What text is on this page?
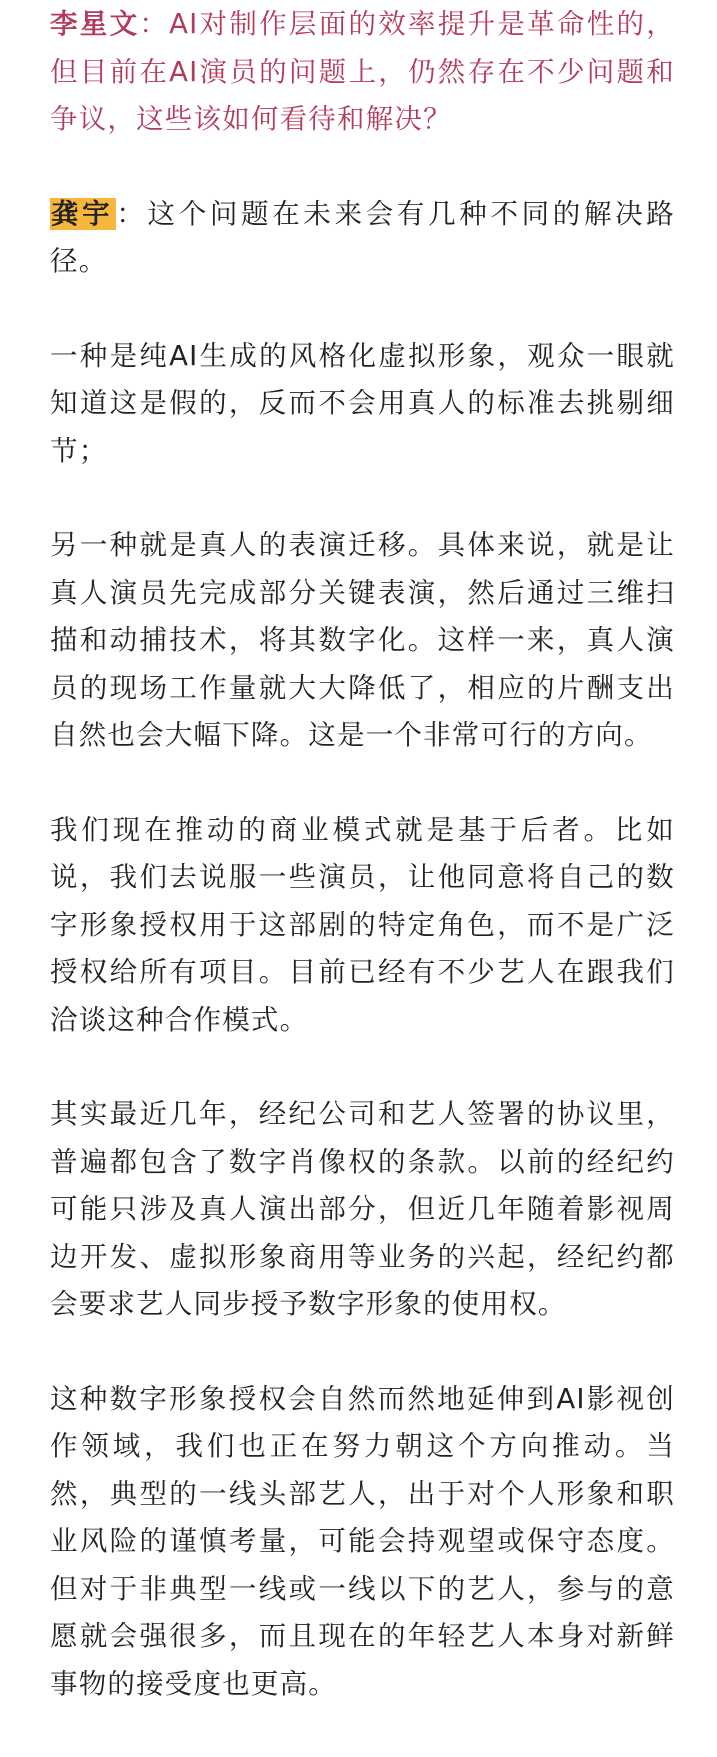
李星文：AI对制作层面的效率提升是革命性的，但目前在AI演员的问题上，仍然存在不少问题和争议，这些该如何看待和解决？

龚宇 ：这个问题在未来会有几种不同的解决路径。

一种是纯AI生成的风格化虚拟形象，观众一眼就知道这是假的，反而不会用真人的标准去挑剔细节；

另一种就是真人的表演迁移。具体来说，就是让真人演员先完成部分关键表演，然后通过三维扫描和动捕技术，将其数字化。这样一来，真人演员的现场工作量就大大降低了，相应的片酬支出自然也会大幅下降。这是一个非常可行的方向。

我们现在推动的商业模式就是基于后者。比如说，我们去说服一些演员，让他同意将自己的数字形象授权用于这部剧的特定角色，而不是广泛授权给所有项目。目前已经有不少艺人在跟我们洽谈这种合作模式。

其实最近几年，经纪公司和艺人签署的协议里，普遍都包含了数字肖像权的条款。以前的经纪约可能只涉及真人演出部分，但近几年随着影视周边开发、虚拟形象商用等业务的兴起，经纪约都会要求艺人同步授予数字形象的使用权。

这种数字形象授权会自然而然地延伸到AI影视创作领域，我们也正在努力朝这个方向推动。当然，典型的一线头部艺人，出于对个人形象和职业风险的谨慎考量，可能会持观望或保守态度。但对于非典型一线或一线以下的艺人，参与的意愿就会强很多，而且现在的年轻艺人本身对新鲜事物的接受度也更高。
